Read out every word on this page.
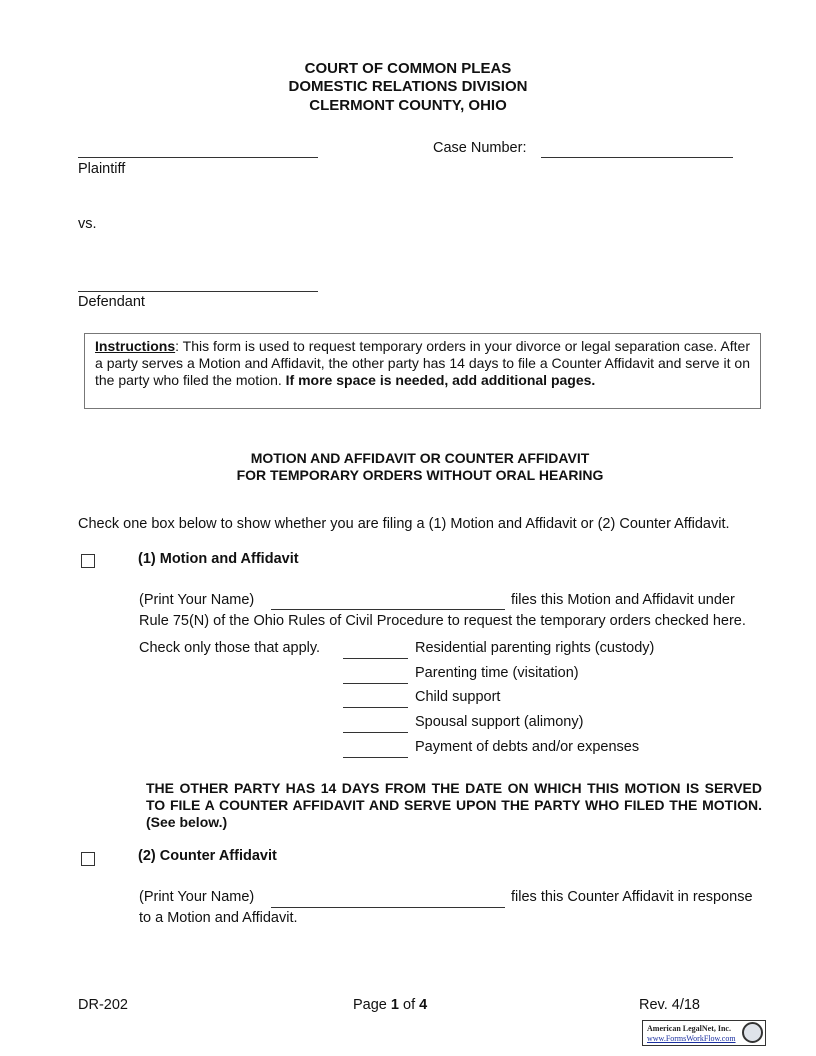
COURT OF COMMON PLEAS
DOMESTIC RELATIONS DIVISION
CLERMONT COUNTY, OHIO
Plaintiff
Case Number:
vs.
Defendant
Instructions: This form is used to request temporary orders in your divorce or legal separation case. After a party serves a Motion and Affidavit, the other party has 14 days to file a Counter Affidavit and serve it on the party who filed the motion. If more space is needed, add additional pages.
MOTION AND AFFIDAVIT OR COUNTER AFFIDAVIT
FOR TEMPORARY ORDERS WITHOUT ORAL HEARING
Check one box below to show whether you are filing a (1) Motion and Affidavit or (2) Counter Affidavit.
(1) Motion and Affidavit
(Print Your Name)	files this Motion and Affidavit under
Rule 75(N) of the Ohio Rules of Civil Procedure to request the temporary orders checked here.
Check only those that apply.	Residential parenting rights (custody)
Parenting time (visitation)
Child support
Spousal support (alimony)
Payment of debts and/or expenses
THE OTHER PARTY HAS 14 DAYS FROM THE DATE ON WHICH THIS MOTION IS SERVED TO FILE A COUNTER AFFIDAVIT AND SERVE UPON THE PARTY WHO FILED THE MOTION. (See below.)
(2) Counter Affidavit
(Print Your Name)	files this Counter Affidavit in response
to a Motion and Affidavit.
DR-202	Page 1 of 4	Rev. 4/18
American LegalNet, Inc.
www.FormsWorkFlow.com
